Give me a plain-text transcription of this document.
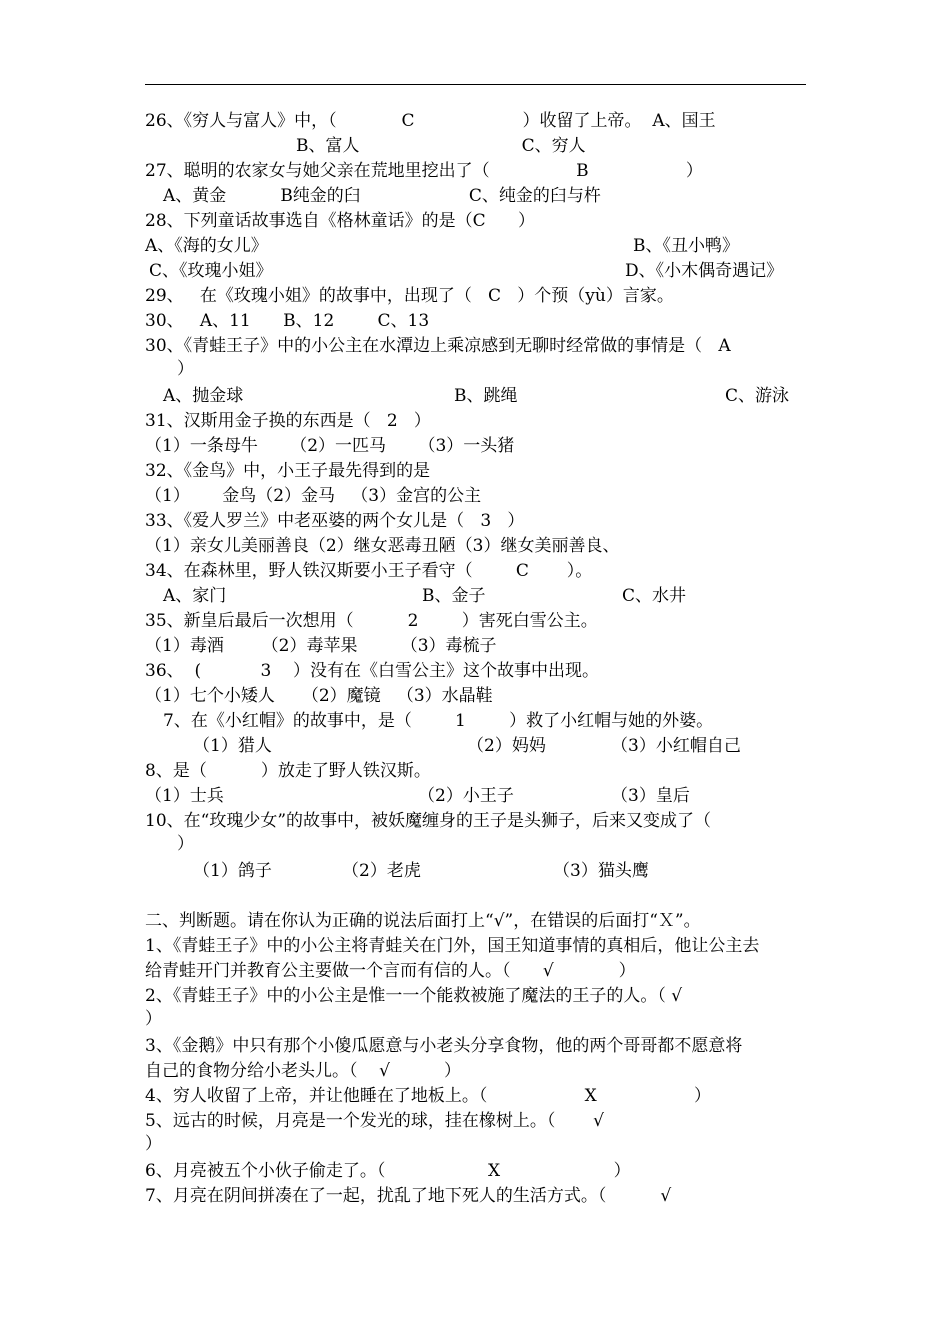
26、《穷人与富人》中，（            C                    ）收留了上帝。  A、国王
B、富人                              C、穷人
27、聪明的农家女与她父亲在荒地里挖出了（                B                  ）
A、黄金          B纯金的臼                    C、纯金的臼与杵
28、下列童话故事选自《格林童话》的是（C      ）
A、《海的女儿》	B、《丑小鸭》
C、《玫瑰小姐》	D、《小木偶奇遇记》
29、   在《玫瑰小姐》的故事中，出现了（   C   ）个预（yù）言家。
30、   A、11      B、12        C、13
30、《青蛙王子》中的小公主在水潭边上乘凉感到无聊时经常做的事情是（   A
）
A、抛金球	B、跳绳	C、游泳
31、汉斯用金子换的东西是（   2   ）
（1）一条母牛      （2）一匹马      （3）一头猪
32、《金鸟》中，小王子最先得到的是
（1）      金鸟（2）金马   （3）金宫的公主
33、《爱人罗兰》中老巫婆的两个女儿是（   3   ）
（1）亲女儿美丽善良（2）继女恶毒丑陋（3）继女美丽善良、
34、在森林里，野人铁汉斯要小王子看守（        C       ）。
A、家门	B、金子	C、水井
35、新皇后最后一次想用（          2        ）害死白雪公主。
（1）毒酒       （2）毒苹果        （3）毒梳子
36、  (           3    ）没有在《白雪公主》这个故事中出现。
（1）七个小矮人     （2）魔镜   （3）水晶鞋
7、在《小红帽》的故事中，是（        1        ）救了小红帽与她的外婆。
（1）猎人	（2）妈妈	（3）小红帽自己
8、是（          ）放走了野人铁汉斯。
（1）士兵	（2）小王子	（3）皇后
10、在“玫瑰少女”的故事中，被妖魔缠身的王子是头狮子，后来又变成了（
）
（1）鸽子	（2）老虎	（3）猫头鹰
二、判断题。请在你认为正确的说法后面打上“√”，在错误的后面打“Ｘ”。
1、《青蛙王子》中的小公主将青蛙关在门外，国王知道事情的真相后，他让公主去
给青蛙开门并教育公主要做一个言而有信的人。（      √            ）
2、《青蛙王子》中的小公主是惟一一个能救被施了魔法的王子的人。（ √
）
3、《金鹅》中只有那个小傻瓜愿意与小老头分享食物，他的两个哥哥都不愿意将
自己的食物分给小老头儿。（    √          ）
4、穷人收留了上帝，并让他睡在了地板上。（                  X                  ）
5、远古的时候，月亮是一个发光的球，挂在橡树上。（       √
）
6、月亮被五个小伙子偷走了。（                   X                     ）
7、月亮在阴间拼凑在了一起，扰乱了地下死人的生活方式。（          √
